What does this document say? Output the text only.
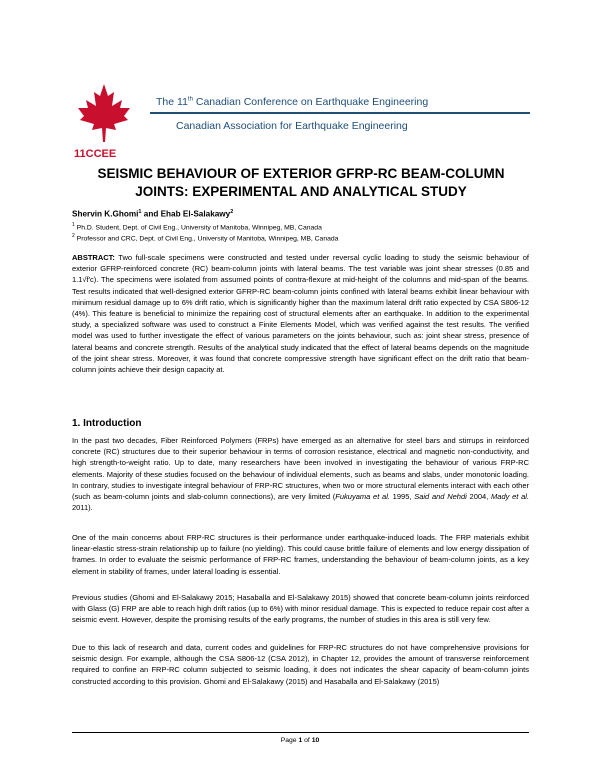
11CCEE
The 11th Canadian Conference on Earthquake Engineering
Canadian Association for Earthquake Engineering
SEISMIC BEHAVIOUR OF EXTERIOR GFRP-RC BEAM-COLUMN JOINTS: EXPERIMENTAL AND ANALYTICAL STUDY
Shervin K.Ghomi$^1$ and Ehab El-Salakawy$^2$
$^1$ Ph.D. Student, Dept. of Civil Eng., University of Manitoba, Winnipeg, MB, Canada
$^2$ Professor and CRC, Dept. of Civil Eng., University of Manitoba, Winnipeg, MB, Canada
ABSTRACT: Two full-scale specimens were constructed and tested under reversal cyclic loading to study the seismic behaviour of exterior GFRP-reinforced concrete (RC) beam-column joints with lateral beams. The test variable was joint shear stresses (0.85 and 1.1√f'c). The specimens were isolated from assumed points of contra-flexure at mid-height of the columns and mid-span of the beams. Test results indicated that well-designed exterior GFRP-RC beam-column joints confined with lateral beams exhibit linear behaviour with minimum residual damage up to 6% drift ratio, which is significantly higher than the maximum lateral drift ratio expected by CSA S806-12 (4%). This feature is beneficial to minimize the repairing cost of structural elements after an earthquake. In addition to the experimental study, a specialized software was used to construct a Finite Elements Model, which was verified against the test results. The verified model was used to further investigate the effect of various parameters on the joints behaviour, such as: joint shear stress, presence of lateral beams and concrete strength. Results of the analytical study indicated that the effect of lateral beams depends on the magnitude of the joint shear stress. Moreover, it was found that concrete compressive strength have significant effect on the drift ratio that beam-column joints achieve their design capacity at.
1. Introduction
In the past two decades, Fiber Reinforced Polymers (FRPs) have emerged as an alternative for steel bars and stirrups in reinforced concrete (RC) structures due to their superior behaviour in terms of corrosion resistance, electrical and magnetic non-conductivity, and high strength-to-weight ratio. Up to date, many researchers have been involved in investigating the behaviour of various FRP-RC elements. Majority of these studies focused on the behaviour of individual elements, such as beams and slabs, under monotonic loading. In contrary, studies to investigate integral behaviour of FRP-RC structures, when two or more structural elements interact with each other (such as beam-column joints and slab-column connections), are very limited (Fukuyama et al. 1995, Said and Nehdi 2004, Mady et al. 2011).
One of the main concerns about FRP-RC structures is their performance under earthquake-induced loads. The FRP materials exhibit linear-elastic stress-strain relationship up to failure (no yielding). This could cause brittle failure of elements and low energy dissipation of frames. In order to evaluate the seismic performance of FRP-RC frames, understanding the behaviour of beam-column joints, as a key element in stability of frames, under lateral loading is essential.
Previous studies (Ghomi and El-Salakawy 2015; Hasaballa and El-Salakawy 2015) showed that concrete beam-column joints reinforced with Glass (G) FRP are able to reach high drift ratios (up to 6%) with minor residual damage. This is expected to reduce repair cost after a seismic event. However, despite the promising results of the early programs, the number of studies in this area is still very few.
Due to this lack of research and data, current codes and guidelines for FRP-RC structures do not have comprehensive provisions for seismic design. For example, although the CSA S806-12 (CSA 2012), in Chapter 12, provides the amount of transverse reinforcement required to confine an FRP-RC column subjected to seismic loading, it does not indicates the shear capacity of beam-column joints constructed according to this provision. Ghomi and El-Salakawy (2015) and Hasaballa and El-Salakawy (2015)
Page 1 of 10
